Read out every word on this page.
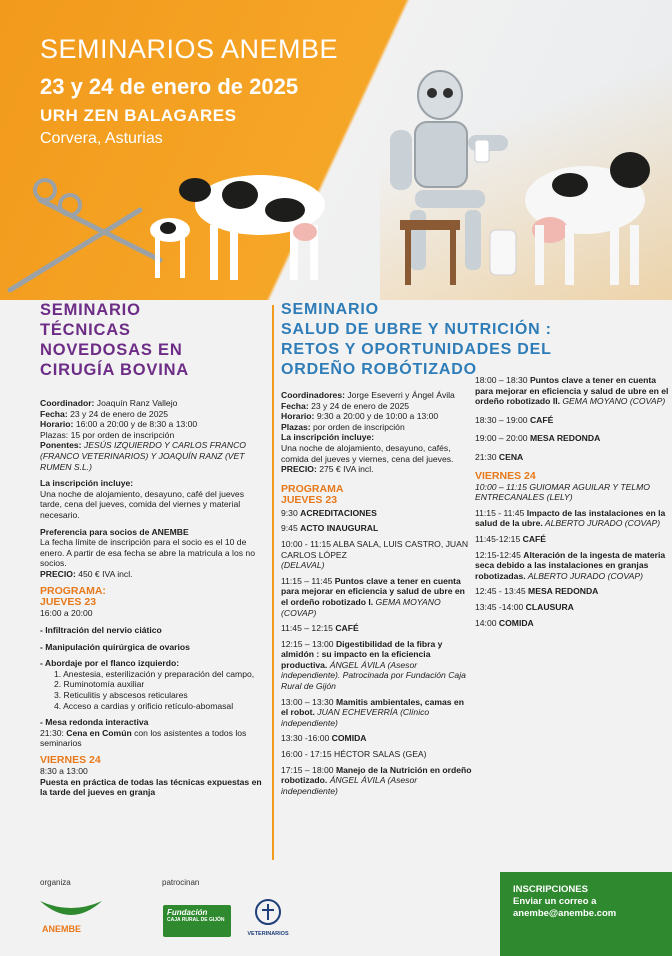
SEMINARIOS ANEMBE
23 y 24 de enero de 2025
URH ZEN BALAGARES
Corvera, Asturias
SEMINARIO
TÉCNICAS
NOVEDOSAS EN
CIRUGÍA BOVINA
Coordinador: Joaquín Ranz Vallejo
Fecha: 23 y 24 de enero de 2025
Horario: 16:00 a 20:00 y de 8:30 a 13:00
Plazas: 15 por orden de inscripción
Ponentes: JESÚS IZQUIERDO Y CARLOS FRANCO (FRANCO VETERINARIOS) Y JOAQUÍN RANZ (VET RUMEN S.L.)
La inscripción incluye:
Una noche de alojamiento, desayuno, café del jueves tarde, cena del jueves, comida del viernes y material necesario.
Preferencia para socios de ANEMBE
La fecha límite de inscripción para el socio es el 10 de enero. A partir de esa fecha se abre la matricula a los no socios.
PRECIO: 450 € IVA incl.
PROGRAMA:
JUEVES 23
16:00 a 20:00
- Infiltración del nervio ciático
- Manipulación quirúrgica de ovarios
- Abordaje por el flanco izquierdo:
1. Anestesia, esterilización y preparación del campo,
2. Ruminotomía auxiliar
3. Reticulitis y abscesos reticulares
4. Acceso a cardias y orificio retículo-abomasal
- Mesa redonda interactiva
21:30: Cena en Común con los asistentes a todos los seminarios
VIERNES 24
8:30 a 13:00
Puesta en práctica de todas las técnicas expuestas en la tarde del jueves en granja
SEMINARIO
SALUD DE UBRE Y NUTRICIÓN :
RETOS Y OPORTUNIDADES DEL
ORDEÑO ROBÓTIZADO
Coordinadores: Jorge Eseverri y Ángel Ávila
Fecha: 23 y 24 de enero de 2025
Horario: 9:30 a 20:00 y de 10:00 a 13:00
Plazas: por orden de inscripción
La inscripción incluye:
Una noche de alojamiento, desayuno, cafés, comida del jueves y viernes, cena del jueves.
PRECIO: 275 € IVA incl.
PROGRAMA
JUEVES 23
9:30 ACREDITACIONES
9:45 ACTO INAUGURAL
10:00 - 11:15 ALBA SALA, LUIS CASTRO, JUAN CARLOS LÓPEZ
(DELAVAL)
11:15 – 11:45 Puntos clave a tener en cuenta para mejorar en eficiencia y salud de ubre en el ordeño robotizado I. GEMA MOYANO (COVAP)
11:45 – 12:15 CAFÉ
12:15 – 13:00 Digestibilidad de la fibra y almidón : su impacto en la eficiencia productiva. ÁNGEL ÁVILA (Asesor independiente). Patrocinada por Fundación Caja Rural de Gijón
13:00 – 13:30 Mamitis ambientales, camas en el robot. JUAN ECHEVERRÍA (Clínico independiente)
13:30 -16:00 COMIDA
16:00 - 17:15 HÉCTOR SALAS (GEA)
17:15 – 18:00 Manejo de la Nutrición en ordeño robotizado. ÁNGEL ÁVILA (Asesor independiente)
18:00 – 18:30 Puntos clave a tener en cuenta para mejorar en eficiencia y salud de ubre en el ordeño robotizado II. GEMA MOYANO (COVAP)
18:30 – 19:00 CAFÉ
19:00 – 20:00 MESA REDONDA
21:30 CENA
VIERNES 24
10:00 – 11:15 GUIOMAR AGUILAR Y TELMO ENTRECANALES (LELY)
11:15 - 11:45 Impacto de las instalaciones en la salud de la ubre. ALBERTO JURADO (COVAP)
11:45-12:15 CAFÉ
12:15-12:45 Alteración de la ingesta de materia seca debido a las instalaciones en granjas robotizadas. ALBERTO JURADO (COVAP)
12:45 - 13:45 MESA REDONDA
13:45 -14:00 CLAUSURA
14:00 COMIDA
organiza	patrocinan
ANEMBE
Fundación
CAJA RURAL DE GIJÓN
VETERINARIOS
INSCRIPCIONES
Enviar un correo a
anembe@anembe.com
